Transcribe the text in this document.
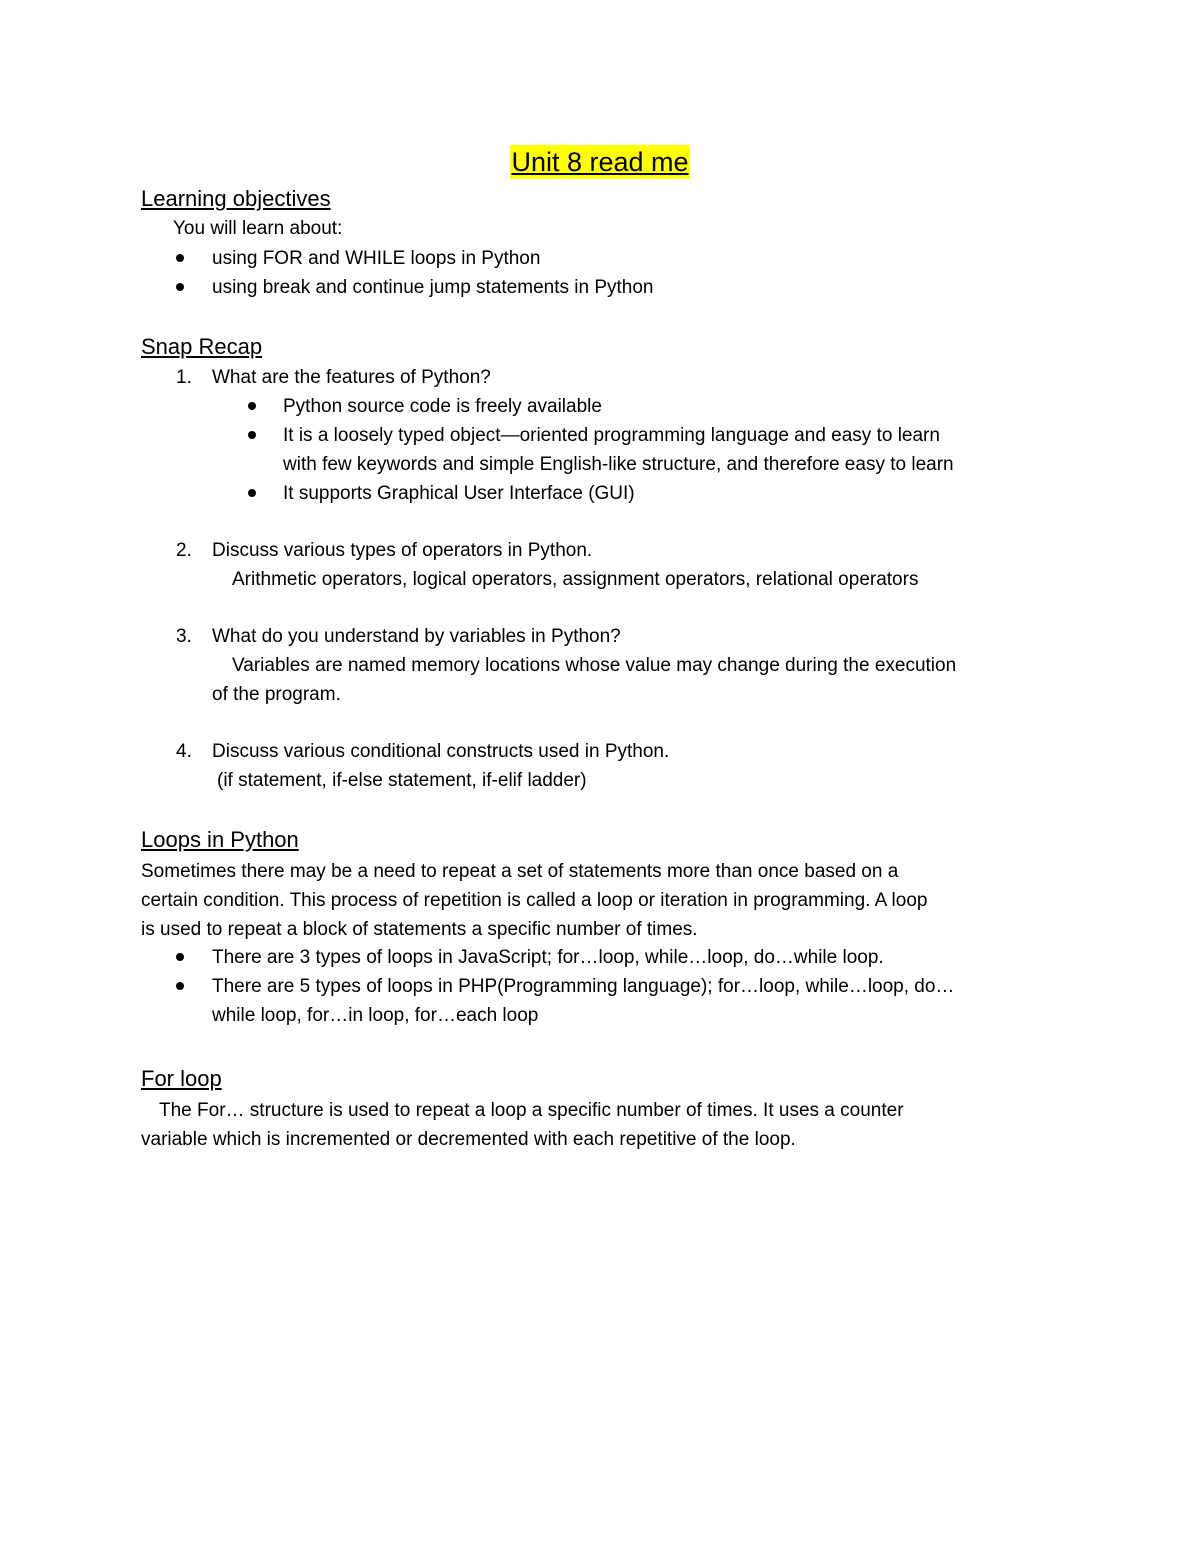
Unit 8 read me
Learning objectives
You will learn about:
using FOR and WHILE loops in Python
using break and continue jump statements in Python
Snap Recap
1. What are the features of Python?
Python source code is freely available
It is a loosely typed object—oriented programming language and easy to learn
with few keywords and simple English-like structure, and therefore easy to learn
It supports Graphical User Interface (GUI)
2. Discuss various types of operators in Python.
Arithmetic operators, logical operators, assignment operators, relational operators
3. What do you understand by variables in Python?
Variables are named memory locations whose value may change during the execution
of the program.
4. Discuss various conditional constructs used in Python.
(if statement, if-else statement, if-elif ladder)
Loops in Python
Sometimes there may be a need to repeat a set of statements more than once based on a
certain condition. This process of repetition is called a loop or iteration in programming. A loop
is used to repeat a block of statements a specific number of times.
There are 3 types of loops in JavaScript; for…loop, while…loop, do…while loop.
There are 5 types of loops in PHP(Programming language); for…loop, while…loop, do…
while loop, for…in loop, for…each loop
For loop
The For… structure is used to repeat a loop a specific number of times. It uses a counter
variable which is incremented or decremented with each repetitive of the loop.
